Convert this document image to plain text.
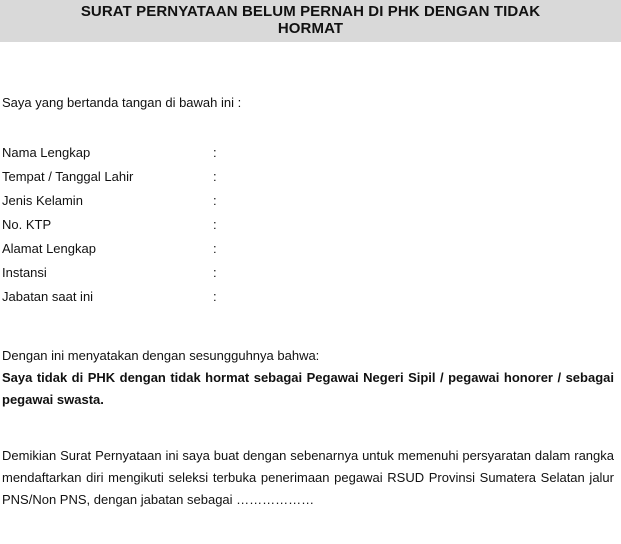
SURAT PERNYATAAN BELUM PERNAH DI PHK DENGAN TIDAK
HORMAT
Saya yang bertanda tangan di bawah ini :
Nama Lengkap	:
Tempat / Tanggal Lahir	:
Jenis Kelamin	:
No. KTP	:
Alamat Lengkap	:
Instansi	:
Jabatan saat ini	:
Dengan ini menyatakan dengan sesungguhnya bahwa:
Saya tidak di PHK dengan tidak hormat sebagai Pegawai Negeri Sipil / pegawai honorer / sebagai pegawai swasta.
Demikian Surat Pernyataan ini saya buat dengan sebenarnya untuk memenuhi persyaratan dalam rangka mendaftarkan diri mengikuti seleksi terbuka penerimaan pegawai RSUD Provinsi Sumatera Selatan jalur PNS/Non PNS, dengan jabatan sebagai ………………
